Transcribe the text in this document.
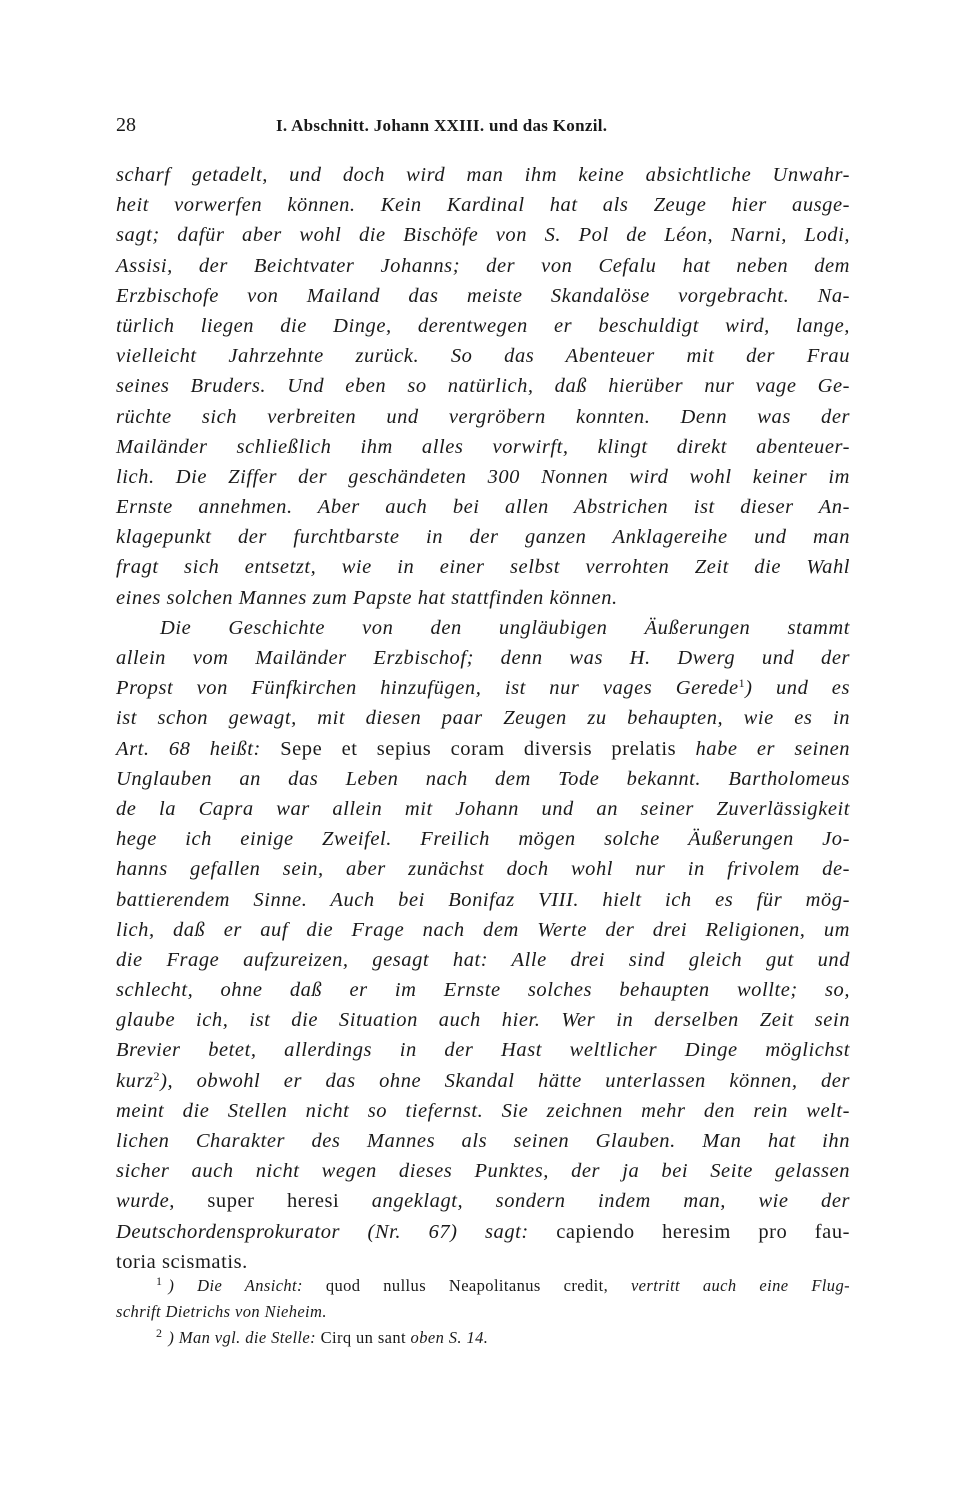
28	I. Abschnitt. Johann XXIII. und das Konzil.
scharf getadelt, und doch wird man ihm keine absichtliche Unwahr-
heit vorwerfen können. Kein Kardinal hat als Zeuge hier ausge-
sagt; dafür aber wohl die Bischöfe von S. Pol de Léon, Narni, Lodi,
Assisi, der Beichtvater Johanns; der von Cefalu hat neben dem
Erzbischofe von Mailand das meiste Skandalöse vorgebracht. Na-
türlich liegen die Dinge, derentwegen er beschuldigt wird, lange,
vielleicht Jahrzehnte zurück. So das Abenteuer mit der Frau
seines Bruders. Und eben so natürlich, daß hierüber nur vage Ge-
rüchte sich verbreiten und vergröbern konnten. Denn was der
Mailänder schließlich ihm alles vorwirft, klingt direkt abenteuer-
lich. Die Ziffer der geschändeten 300 Nonnen wird wohl keiner im
Ernste annehmen. Aber auch bei allen Abstrichen ist dieser An-
klagepunkt der furchtbarste in der ganzen Anklagereihe und man
fragt sich entsetzt, wie in einer selbst verrohten Zeit die Wahl
eines solchen Mannes zum Papste hat stattfinden können.
Die Geschichte von den ungläubigen Äußerungen stammt
allein vom Mailänder Erzbischof; denn was H. Dwerg und der
Propst von Fünfkirchen hinzufügen, ist nur vages Gerede$^1$) und es
ist schon gewagt, mit diesen paar Zeugen zu behaupten, wie es in
Art. 68 heißt: Sepe et sepius coram diversis prelatis habe er seinen
Unglauben an das Leben nach dem Tode bekannt. Bartholomeus
de la Capra war allein mit Johann und an seiner Zuverlässigkeit
hege ich einige Zweifel. Freilich mögen solche Äußerungen Jo-
hanns gefallen sein, aber zunächst doch wohl nur in frivolem de-
battierendem Sinne. Auch bei Bonifaz VIII. hielt ich es für mög-
lich, daß er auf die Frage nach dem Werte der drei Religionen, um
die Frage aufzureizen, gesagt hat: Alle drei sind gleich gut und
schlecht, ohne daß er im Ernste solches behaupten wollte; so,
glaube ich, ist die Situation auch hier. Wer in derselben Zeit sein
Brevier betet, allerdings in der Hast weltlicher Dinge möglichst
kurz$^2$), obwohl er das ohne Skandal hätte unterlassen können, der
meint die Stellen nicht so tiefernst. Sie zeichnen mehr den rein welt-
lichen Charakter des Mannes als seinen Glauben. Man hat ihn
sicher auch nicht wegen dieses Punktes, der ja bei Seite gelassen
wurde, super heresi angeklagt, sondern indem man, wie der
Deutschordensprokurator (Nr. 67) sagt: capiendo heresim pro fau-
toria scismatis.
$^1$ ) Die Ansicht: quod nullus Neapolitanus credit, vertritt auch eine Flug-
schrift Dietrichs von Nieheim.
$^2$ ) Man vgl. die Stelle: Cirq un sant oben S. 14.
